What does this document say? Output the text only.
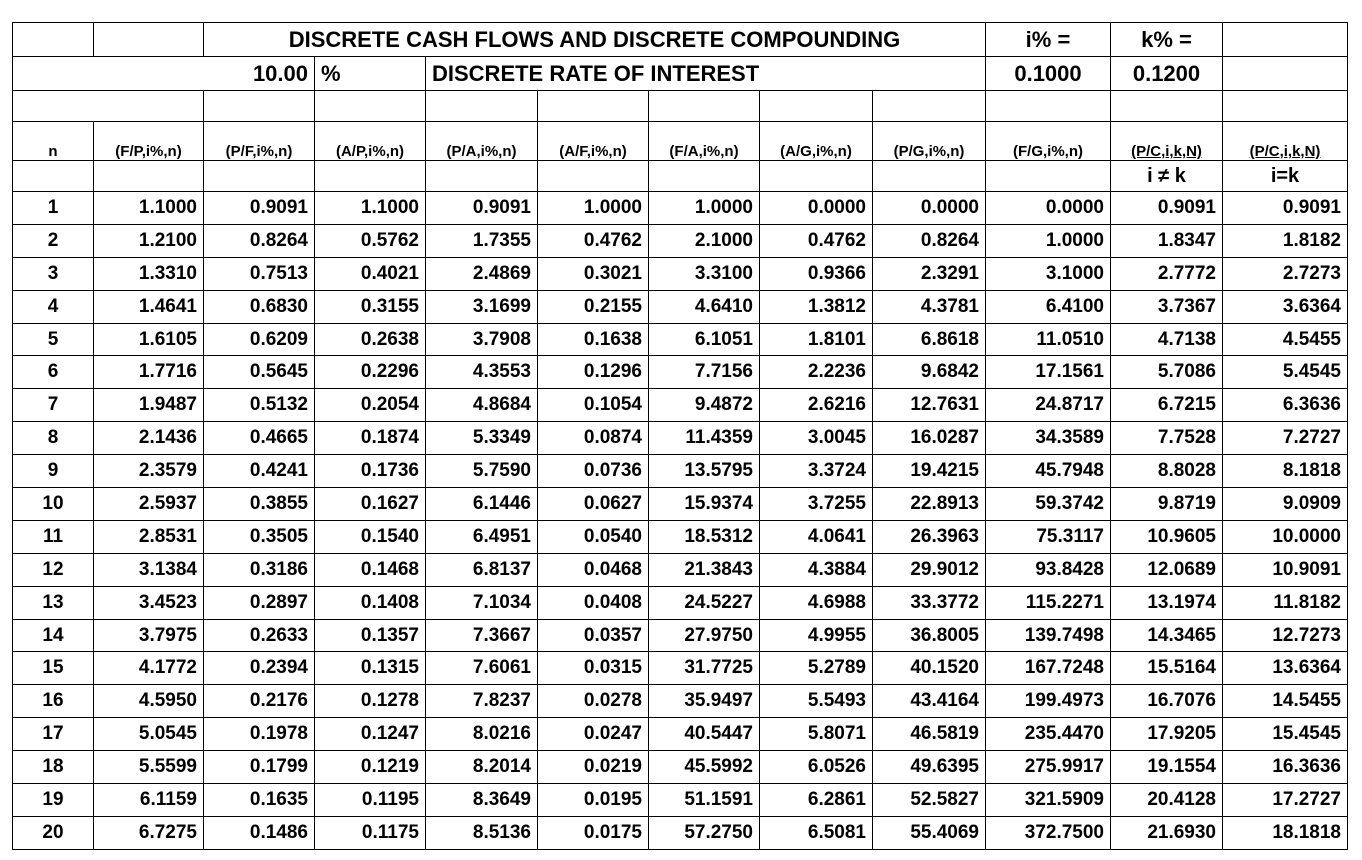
		DISCRETE CASH FLOWS AND DISCRETE COMPOUNDING							i% =	k% =	
10.00			%	DISCRETE RATE OF INTEREST					0.1000	0.1200	

n	(F/P,i%,n)	(P/F,i%,n)	(A/P,i%,n)	(P/A,i%,n)	(A/F,i%,n)	(F/A,i%,n)	(A/G,i%,n)	(P/G,i%,n)	(F/G,i%,n)	(P/C,i,k,N)	(P/C,i,k,N)
										i ≠ k	i=k
1	1.1000	0.9091	1.1000	0.9091	1.0000	1.0000	0.0000	0.0000	0.0000	0.9091	0.9091
2	1.2100	0.8264	0.5762	1.7355	0.4762	2.1000	0.4762	0.8264	1.0000	1.8347	1.8182
3	1.3310	0.7513	0.4021	2.4869	0.3021	3.3100	0.9366	2.3291	3.1000	2.7772	2.7273
4	1.4641	0.6830	0.3155	3.1699	0.2155	4.6410	1.3812	4.3781	6.4100	3.7367	3.6364
5	1.6105	0.6209	0.2638	3.7908	0.1638	6.1051	1.8101	6.8618	11.0510	4.7138	4.5455
6	1.7716	0.5645	0.2296	4.3553	0.1296	7.7156	2.2236	9.6842	17.1561	5.7086	5.4545
7	1.9487	0.5132	0.2054	4.8684	0.1054	9.4872	2.6216	12.7631	24.8717	6.7215	6.3636
8	2.1436	0.4665	0.1874	5.3349	0.0874	11.4359	3.0045	16.0287	34.3589	7.7528	7.2727
9	2.3579	0.4241	0.1736	5.7590	0.0736	13.5795	3.3724	19.4215	45.7948	8.8028	8.1818
10	2.5937	0.3855	0.1627	6.1446	0.0627	15.9374	3.7255	22.8913	59.3742	9.8719	9.0909
11	2.8531	0.3505	0.1540	6.4951	0.0540	18.5312	4.0641	26.3963	75.3117	10.9605	10.0000
12	3.1384	0.3186	0.1468	6.8137	0.0468	21.3843	4.3884	29.9012	93.8428	12.0689	10.9091
13	3.4523	0.2897	0.1408	7.1034	0.0408	24.5227	4.6988	33.3772	115.2271	13.1974	11.8182
14	3.7975	0.2633	0.1357	7.3667	0.0357	27.9750	4.9955	36.8005	139.7498	14.3465	12.7273
15	4.1772	0.2394	0.1315	7.6061	0.0315	31.7725	5.2789	40.1520	167.7248	15.5164	13.6364
16	4.5950	0.2176	0.1278	7.8237	0.0278	35.9497	5.5493	43.4164	199.4973	16.7076	14.5455
17	5.0545	0.1978	0.1247	8.0216	0.0247	40.5447	5.8071	46.5819	235.4470	17.9205	15.4545
18	5.5599	0.1799	0.1219	8.2014	0.0219	45.5992	6.0526	49.6395	275.9917	19.1554	16.3636
19	6.1159	0.1635	0.1195	8.3649	0.0195	51.1591	6.2861	52.5827	321.5909	20.4128	17.2727
20	6.7275	0.1486	0.1175	8.5136	0.0175	57.2750	6.5081	55.4069	372.7500	21.6930	18.1818
